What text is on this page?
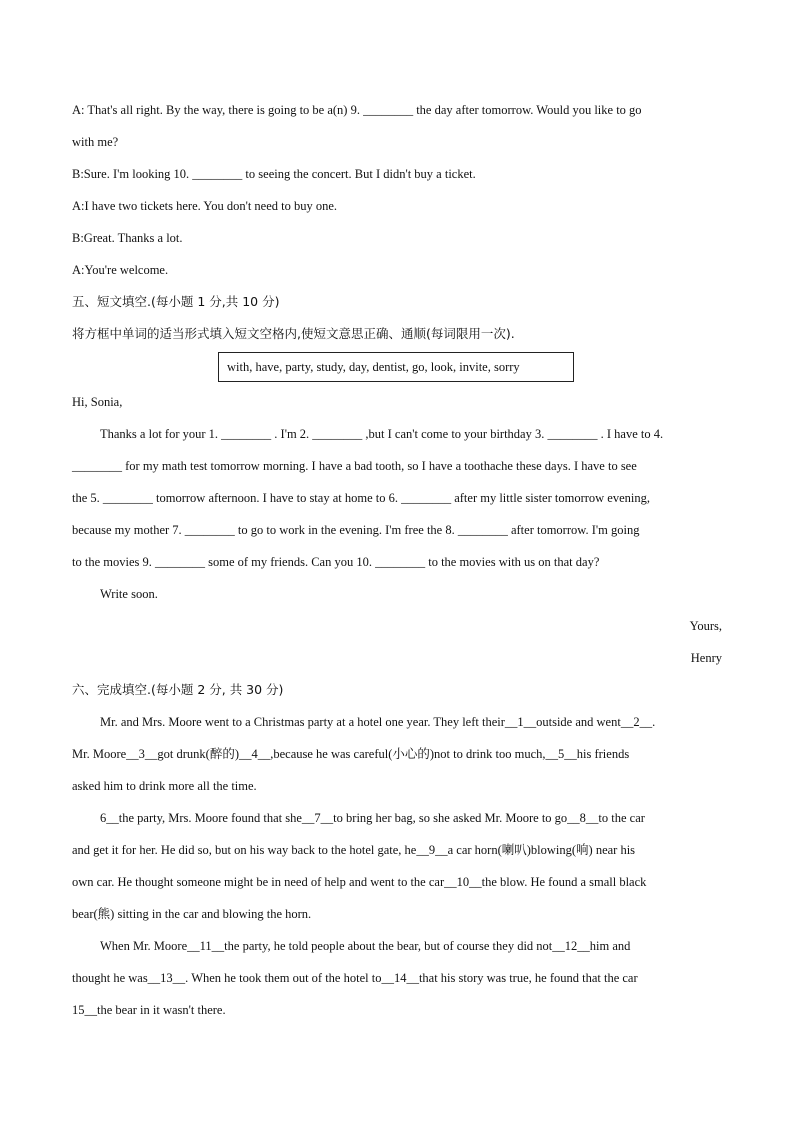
A: That's all right. By the way, there is going to be a(n) 9. ________ the day after tomorrow. Would you like to go
with me?
B:Sure. I'm looking 10. ________ to seeing the concert. But I didn't buy a ticket.
A:I have two tickets here. You don't need to buy one.
B:Great. Thanks a lot.
A:You're welcome.
五、短文填空.(每小题 1 分,共 10 分)
将方框中单词的适当形式填入短文空格内,使短文意思正确、通顺(每词限用一次).
with, have, party, study, day, dentist, go, look, invite, sorry
Hi, Sonia,
Thanks a lot for your 1. ________ . I'm 2. ________ ,but I can't come to your birthday 3. ________ . I have to 4.
________ for my math test tomorrow morning. I have a bad tooth, so I have a toothache these days. I have to see
the 5. ________ tomorrow afternoon. I have to stay at home to 6. ________ after my little sister tomorrow evening,
because my mother 7. ________ to go to work in the evening. I'm free the 8. ________ after tomorrow. I'm going
to the movies 9. ________ some of my friends. Can you 10. ________ to the movies with us on that day?
Write soon.
Yours,
Henry
六、完成填空.(每小题 2 分, 共 30 分)
Mr. and Mrs. Moore went to a Christmas party at a hotel one year. They left their__1__outside and went__2__.
Mr. Moore__3__got drunk(醉的)__4__,because he was careful(小心的)not to drink too much,__5__his friends
asked him to drink more all the time.
6__the party, Mrs. Moore found that she__7__to bring her bag, so she asked Mr. Moore to go__8__to the car
and get it for her. He did so, but on his way back to the hotel gate, he__9__a car horn(喇叭)blowing(响) near his
own car. He thought someone might be in need of help and went to the car__10__the blow. He found a small black
bear(熊) sitting in the car and blowing the horn.
When Mr. Moore__11__the party, he told people about the bear, but of course they did not__12__him and
thought he was__13__. When he took them out of the hotel to__14__that his story was true, he found that the car
15__the bear in it wasn't there.
